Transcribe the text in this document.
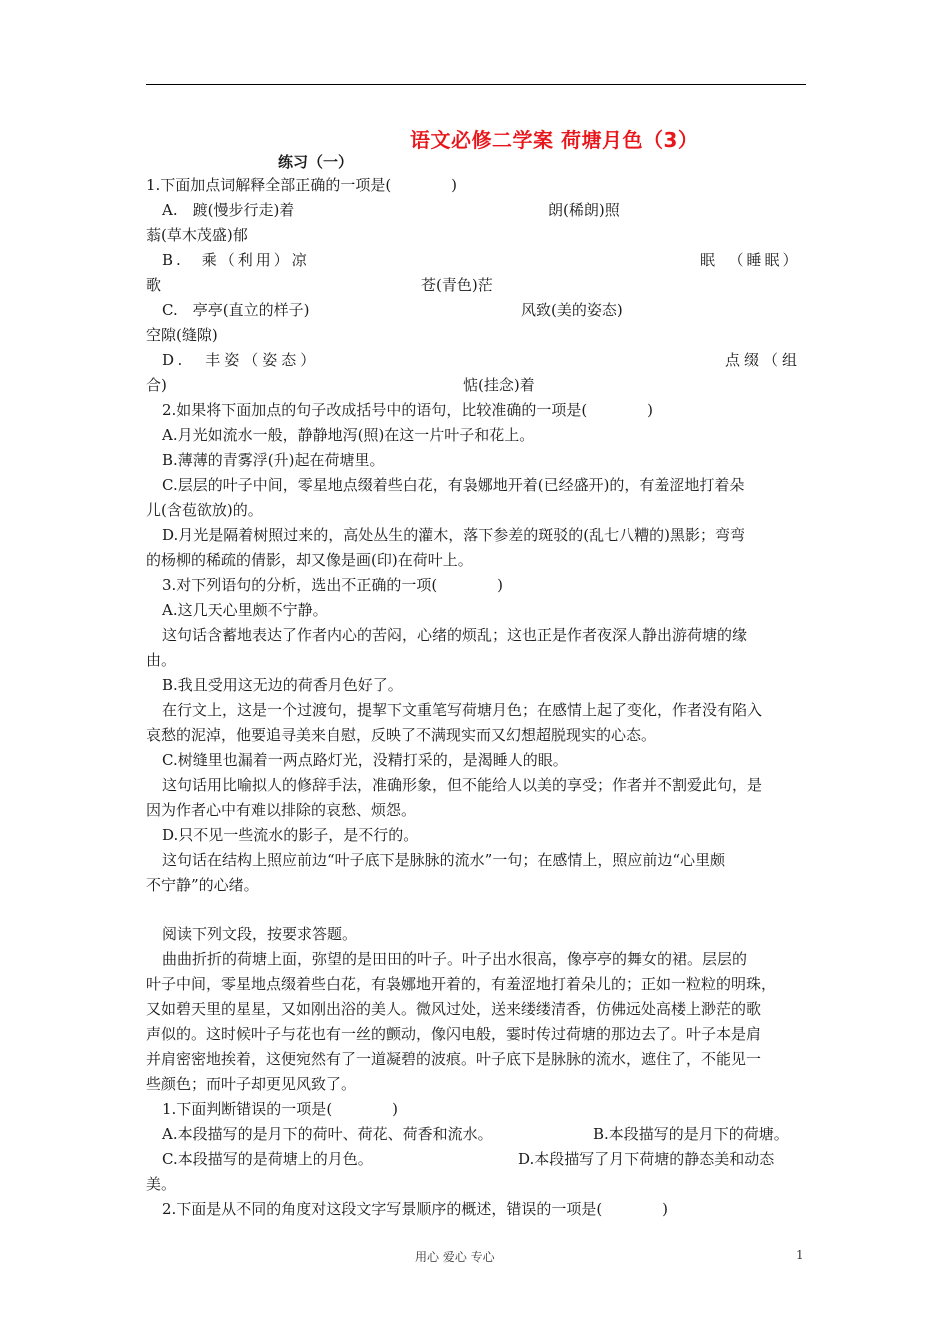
语文必修二学案 荷塘月色（3）
练习（一）
1.下面加点词解释全部正确的一项是(　　　　)
A.　踱(慢步行走)着	朗(稀朗)照
蓊(草木茂盛)郁
B.　乘（利用）凉	眠　（睡眠）
歌	苍(青色)茫
C.　亭亭(直立的样子)	风致(美的姿态)
空隙(缝隙)
D.　丰姿（姿态）	点缀（组
合)	惦(挂念)着
2.如果将下面加点的句子改成括号中的语句，比较准确的一项是(　　　　)
A.月光如流水一般，静静地泻(照)在这一片叶子和花上。
B.薄薄的青雾浮(升)起在荷塘里。
C.层层的叶子中间，零星地点缀着些白花，有袅娜地开着(已经盛开)的，有羞涩地打着朵
儿(含苞欲放)的。
D.月光是隔着树照过来的，高处丛生的灌木，落下参差的斑驳的(乱七八糟的)黑影；弯弯
的杨柳的稀疏的倩影，却又像是画(印)在荷叶上。
3.对下列语句的分析，选出不正确的一项(　　　　)
A.这几天心里颇不宁静。
这句话含蓄地表达了作者内心的苦闷，心绪的烦乱；这也正是作者夜深人静出游荷塘的缘
由。
B.我且受用这无边的荷香月色好了。
在行文上，这是一个过渡句，提挈下文重笔写荷塘月色；在感情上起了变化，作者没有陷入
哀愁的泥淖，他要追寻美来自慰，反映了不满现实而又幻想超脱现实的心态。
C.树缝里也漏着一两点路灯光，没精打采的，是渴睡人的眼。
这句话用比喻拟人的修辞手法，准确形象，但不能给人以美的享受；作者并不割爱此句，是
因为作者心中有难以排除的哀愁、烦怨。
D.只不见一些流水的影子，是不行的。
这句话在结构上照应前边“叶子底下是脉脉的流水”一句；在感情上，照应前边“心里颇
不宁静”的心绪。
阅读下列文段，按要求答题。
曲曲折折的荷塘上面，弥望的是田田的叶子。叶子出水很高，像亭亭的舞女的裙。层层的
叶子中间，零星地点缀着些白花，有袅娜地开着的，有羞涩地打着朵儿的；正如一粒粒的明珠，
又如碧天里的星星，又如刚出浴的美人。微风过处，送来缕缕清香，仿佛远处高楼上渺茫的歌
声似的。这时候叶子与花也有一丝的颤动，像闪电般，霎时传过荷塘的那边去了。叶子本是肩
并肩密密地挨着，这便宛然有了一道凝碧的波痕。叶子底下是脉脉的流水，遮住了，不能见一
些颜色；而叶子却更见风致了。
1.下面判断错误的一项是(　　　　)
A.本段描写的是月下的荷叶、荷花、荷香和流水。	B.本段描写的是月下的荷塘。
C.本段描写的是荷塘上的月色。	D.本段描写了月下荷塘的静态美和动态
美。
2.下面是从不同的角度对这段文字写景顺序的概述，错误的一项是(　　　　)
用心 爱心 专心	1
